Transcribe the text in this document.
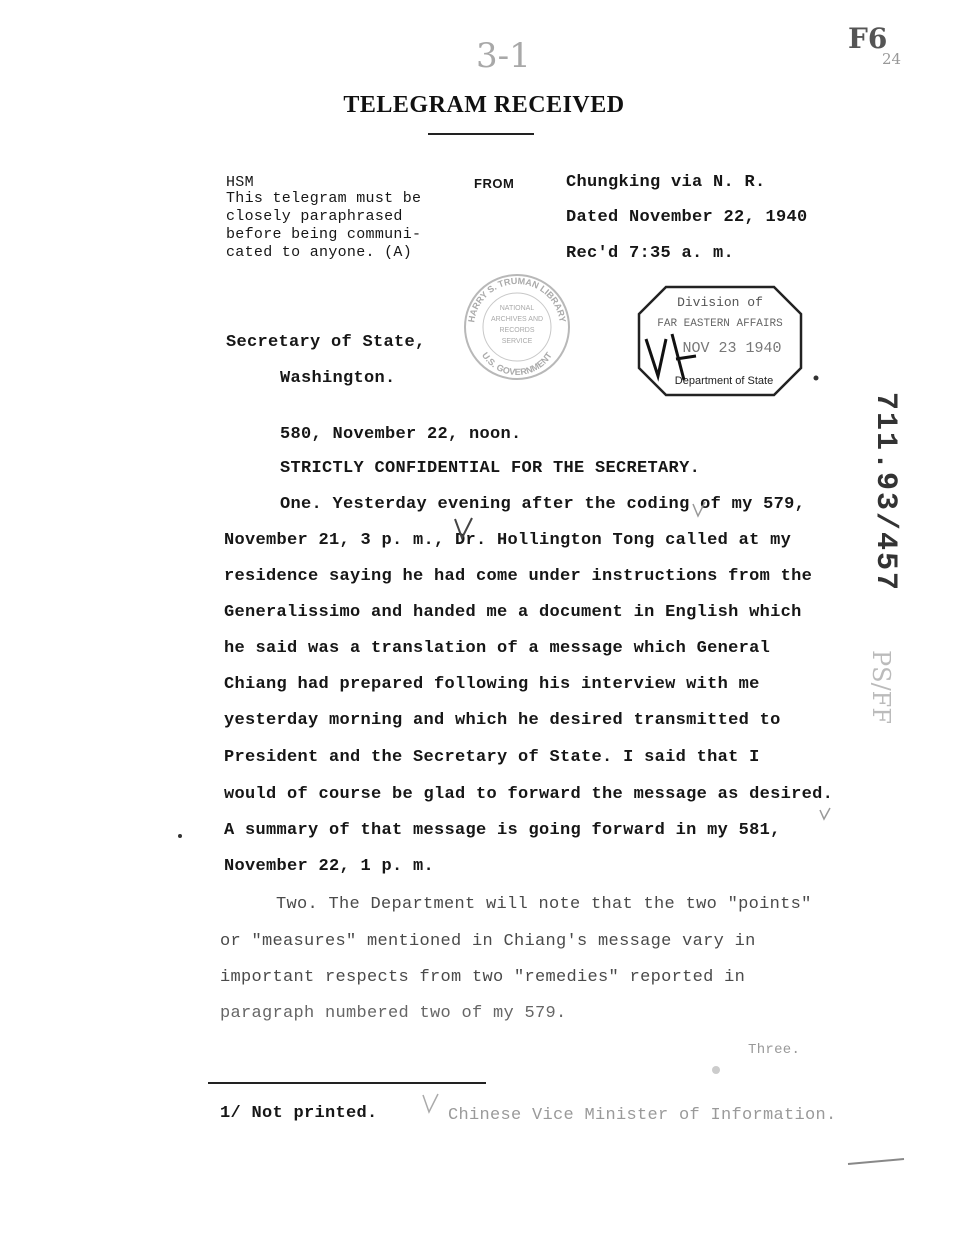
3-1	F6
24
711.93/457
PS/FF
TELEGRAM RECEIVED
HSM
This telegram must be
closely paraphrased
before being communi-
cated to anyone. (A)
FROM	Chungking via N. R.
Dated November 22, 1940
Rec'd 7:35 a. m.
HARRY S. TRUMAN LIBRARY
U.S. GOVERNMENT
NATIONAL
ARCHIVES AND
RECORDS
SERVICE
Division of
FAR EASTERN AFFAIRS
NOV 23 1940
Department of State
Secretary of State,
Washington.
580, November 22, noon.
STRICTLY CONFIDENTIAL FOR THE SECRETARY.
One. Yesterday evening after the coding of my 579,
November 21, 3 p. m., Dr. Hollington Tong called at my
residence saying he had come under instructions from the
Generalissimo and handed me a document in English which
he said was a translation of a message which General
Chiang had prepared following his interview with me
yesterday morning and which he desired transmitted to
President and the Secretary of State. I said that I
would of course be glad to forward the message as desired.
A summary of that message is going forward in my 581,
November 22, 1 p. m.
Two. The Department will note that the two "points"
or "measures" mentioned in Chiang's message vary in
important respects from two "remedies" reported in
paragraph numbered two of my 579.
Three.
1/ Not printed.	Chinese Vice Minister of Information.
